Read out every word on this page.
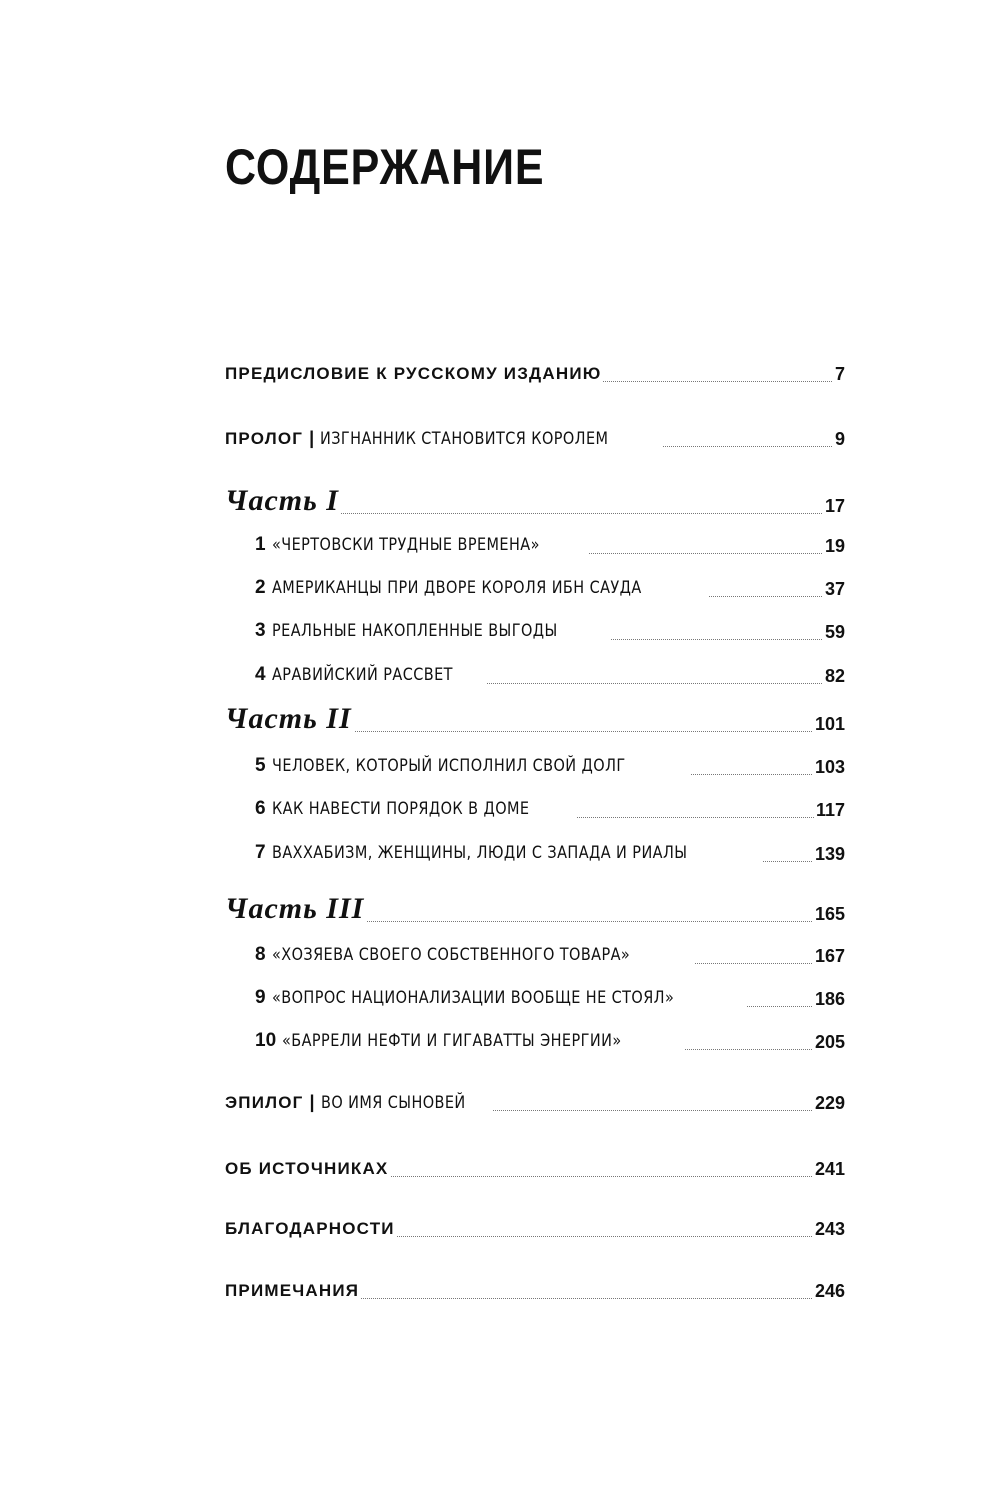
СОДЕРЖАНИЕ
ПРЕДИСЛОВИЕ К РУССКОМУ ИЗДАНИЮ	7
ПРОЛОГ | ИЗГНАННИК СТАНОВИТСЯ КОРОЛЕМ	9
Часть I	17
1 «ЧЕРТОВСКИ ТРУДНЫЕ ВРЕМЕНА»	19
2 АМЕРИКАНЦЫ ПРИ ДВОРЕ КОРОЛЯ ИБН САУДА	37
3 РЕАЛЬНЫЕ НАКОПЛЕННЫЕ ВЫГОДЫ	59
4 АРАВИЙСКИЙ РАССВЕТ	82
Часть II	101
5 ЧЕЛОВЕК, КОТОРЫЙ ИСПОЛНИЛ СВОЙ ДОЛГ	103
6 КАК НАВЕСТИ ПОРЯДОК В ДОМЕ	117
7 ВАХХАБИЗМ, ЖЕНЩИНЫ, ЛЮДИ С ЗАПАДА И РИАЛЫ	139
Часть III	165
8 «ХОЗЯЕВА СВОЕГО СОБСТВЕННОГО ТОВАРА»	167
9 «ВОПРОС НАЦИОНАЛИЗАЦИИ ВООБЩЕ НЕ СТОЯЛ»	186
10 «БАРРЕЛИ НЕФТИ И ГИГАВАТТЫ ЭНЕРГИИ»	205
ЭПИЛОГ | ВО ИМЯ СЫНОВЕЙ	229
ОБ ИСТОЧНИКАХ	241
БЛАГОДАРНОСТИ	243
ПРИМЕЧАНИЯ	246
